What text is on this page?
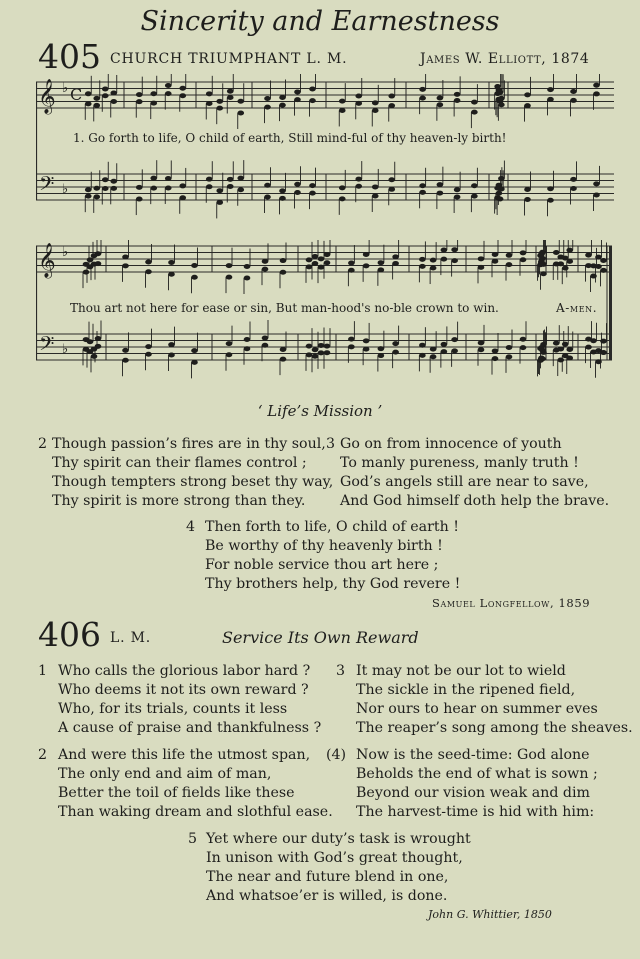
Sincerity and Earnestness
405 CHURCH TRIUMPHANT L. M.	James W. Elliott, 1874
C
𝄞
𝄢
♭
♭
1. Go forth to life, O child of earth, Still mind-ful of thy heaven-ly birth!
𝄞
𝄢
♭
♭
Thou art not here for ease or sin, But man-hood's no-ble crown to win.	A-men.
‘ Life’s Mission ’
2 Though passion’s fires are in thy soul,
Thy spirit can their flames control ;
Though tempters strong beset thy way,
Thy spirit is more strong than they.
3 Go on from innocence of youth
To manly pureness, manly truth !
God’s angels still are near to save,
And God himself doth help the brave.
4 Then forth to life, O child of earth !
Be worthy of thy heavenly birth !
For noble service thou art here ;
Thy brothers help, thy God revere !
Samuel Longfellow, 1859
406 L. M.	Service Its Own Reward
1 Who calls the glorious labor hard ?
Who deems it not its own reward ?
Who, for its trials, counts it less
A cause of praise and thankfulness ?
3 It may not be our lot to wield
The sickle in the ripened field,
Nor ours to hear on summer eves
The reaper’s song among the sheaves.
2 And were this life the utmost span,
The only end and aim of man,
Better the toil of fields like these
Than waking dream and slothful ease.
(4) Now is the seed-time: God alone
Beholds the end of what is sown ;
Beyond our vision weak and dim
The harvest-time is hid with him:
5 Yet where our duty’s task is wrought
In unison with God’s great thought,
The near and future blend in one,
And whatsoe’er is willed, is done.
John G. Whittier, 1850
